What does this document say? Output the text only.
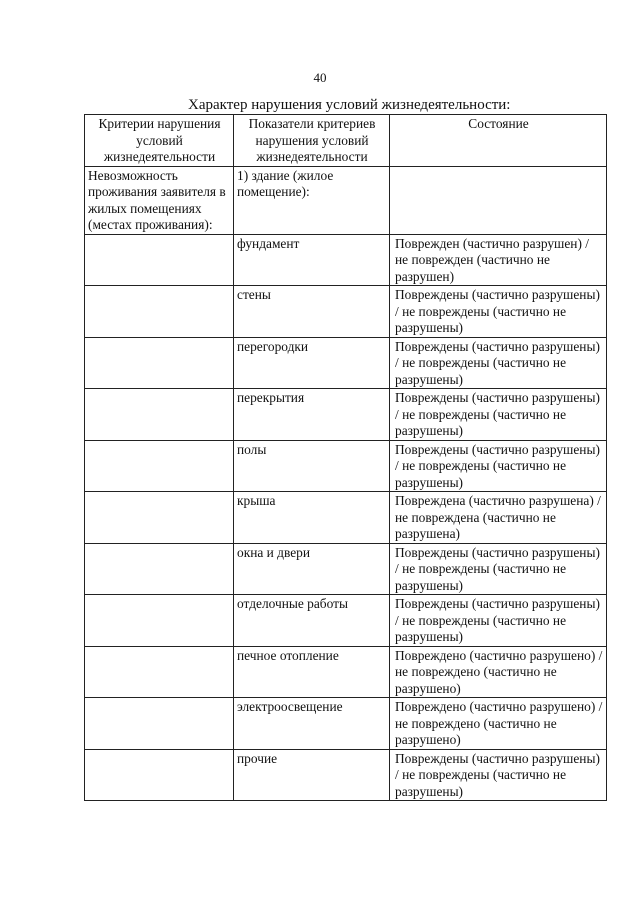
40
Характер нарушения условий жизнедеятельности:
Критерии нарушения условий жизнедеятельности	Показатели критериев нарушения условий жизнедеятельности	Состояние
Невозможность проживания заявителя в жилых помещениях (местах проживания):	1) здание (жилое помещение):	
	фундамент	Поврежден (частично разрушен) / не поврежден (частично не разрушен)
	стены	Повреждены (частично разрушены) / не повреждены (частично не разрушены)
	перегородки	Повреждены (частично разрушены) / не повреждены (частично не разрушены)
	перекрытия	Повреждены (частично разрушены) / не повреждены (частично не разрушены)
	полы	Повреждены (частично разрушены) / не повреждены (частично не разрушены)
	крыша	Повреждена (частично разрушена) / не повреждена (частично не разрушена)
	окна и двери	Повреждены (частично разрушены) / не повреждены (частично не разрушены)
	отделочные работы	Повреждены (частично разрушены) / не повреждены (частично не разрушены)
	печное отопление	Повреждено (частично разрушено) / не повреждено (частично не разрушено)
	электроосвещение	Повреждено (частично разрушено) / не повреждено (частично не разрушено)
	прочие	Повреждены (частично разрушены) / не повреждены (частично не разрушены)
